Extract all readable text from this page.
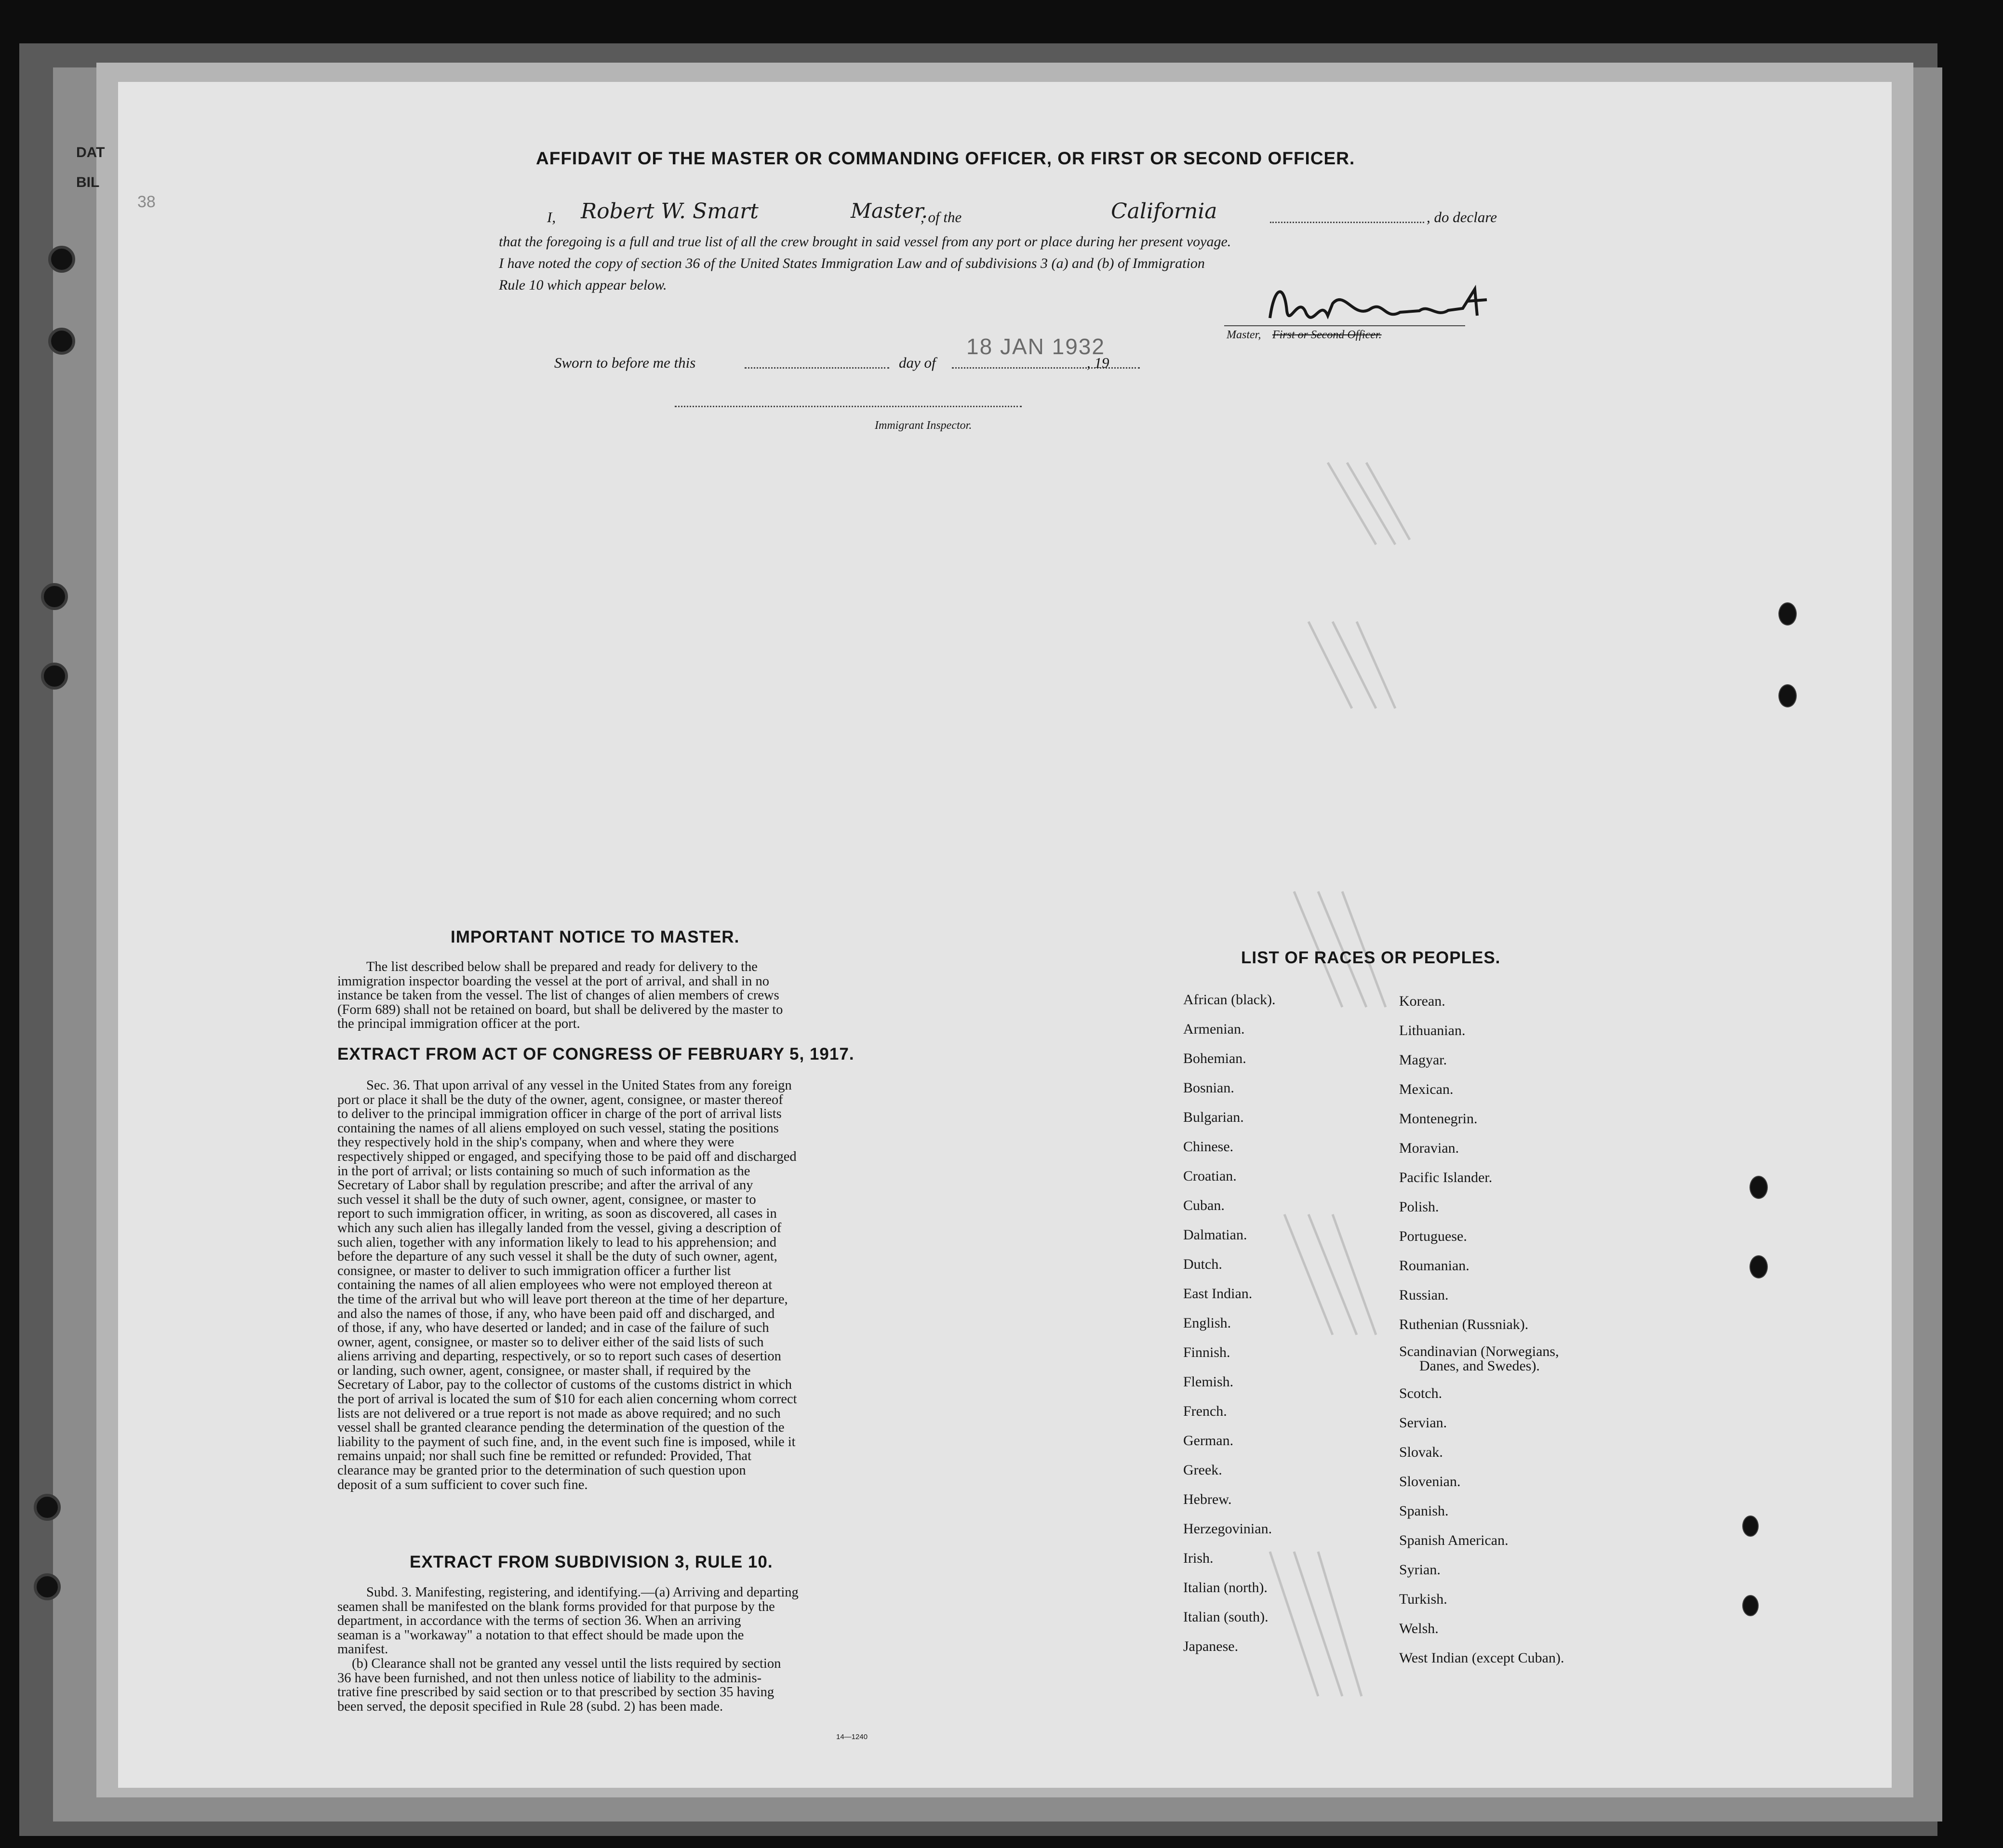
DAT
BIL
38
AFFIDAVIT OF THE MASTER OR COMMANDING OFFICER, OR FIRST OR SECOND OFFICER.
I, Robert W. Smart	Master.
, of the	California	, do declare
that the foregoing is a full and true list of all the crew brought in said vessel from any port or place during her present voyage.
I have noted the copy of section 36 of the United States Immigration Law and of subdivisions 3 (a) and (b) of Immigration
Rule 10 which appear below.
Master, First or Second Officer.
Sworn to before me this	day of
18 JAN 1932
, 19
Immigrant Inspector.
IMPORTANT NOTICE TO MASTER.
The list described below shall be prepared and ready for delivery to the
immigration inspector boarding the vessel at the port of arrival, and shall in no
instance be taken from the vessel. The list of changes of alien members of crews
(Form 689) shall not be retained on board, but shall be delivered by the master to
the principal immigration officer at the port.
EXTRACT FROM ACT OF CONGRESS OF FEBRUARY 5, 1917.
Sec. 36. That upon arrival of any vessel in the United States from any foreign
port or place it shall be the duty of the owner, agent, consignee, or master thereof
to deliver to the principal immigration officer in charge of the port of arrival lists
containing the names of all aliens employed on such vessel, stating the positions
they respectively hold in the ship's company, when and where they were
respectively shipped or engaged, and specifying those to be paid off and discharged
in the port of arrival; or lists containing so much of such information as the
Secretary of Labor shall by regulation prescribe; and after the arrival of any
such vessel it shall be the duty of such owner, agent, consignee, or master to
report to such immigration officer, in writing, as soon as discovered, all cases in
which any such alien has illegally landed from the vessel, giving a description of
such alien, together with any information likely to lead to his apprehension; and
before the departure of any such vessel it shall be the duty of such owner, agent,
consignee, or master to deliver to such immigration officer a further list
containing the names of all alien employees who were not employed thereon at
the time of the arrival but who will leave port thereon at the time of her departure,
and also the names of those, if any, who have been paid off and discharged, and
of those, if any, who have deserted or landed; and in case of the failure of such
owner, agent, consignee, or master so to deliver either of the said lists of such
aliens arriving and departing, respectively, or so to report such cases of desertion
or landing, such owner, agent, consignee, or master shall, if required by the
Secretary of Labor, pay to the collector of customs of the customs district in which
the port of arrival is located the sum of $10 for each alien concerning whom correct
lists are not delivered or a true report is not made as above required; and no such
vessel shall be granted clearance pending the determination of the question of the
liability to the payment of such fine, and, in the event such fine is imposed, while it
remains unpaid; nor shall such fine be remitted or refunded: Provided, That
clearance may be granted prior to the determination of such question upon
deposit of a sum sufficient to cover such fine.
EXTRACT FROM SUBDIVISION 3, RULE 10.
Subd. 3. Manifesting, registering, and identifying.—(a) Arriving and departing
seamen shall be manifested on the blank forms provided for that purpose by the
department, in accordance with the terms of section 36. When an arriving
seaman is a "workaway" a notation to that effect should be made upon the
manifest.
(b) Clearance shall not be granted any vessel until the lists required by section
36 have been furnished, and not then unless notice of liability to the adminis-
trative fine prescribed by said section or to that prescribed by section 35 having
been served, the deposit specified in Rule 28 (subd. 2) has been made.
14—1240
LIST OF RACES OR PEOPLES.
African (black).
Armenian.
Bohemian.
Bosnian.
Bulgarian.
Chinese.
Croatian.
Cuban.
Dalmatian.
Dutch.
East Indian.
English.
Finnish.
Flemish.
French.
German.
Greek.
Hebrew.
Herzegovinian.
Irish.
Italian (north).
Italian (south).
Japanese.
Korean.
Lithuanian.
Magyar.
Mexican.
Montenegrin.
Moravian.
Pacific Islander.
Polish.
Portuguese.
Roumanian.
Russian.
Ruthenian (Russniak).
Scandinavian (Norwegians,
Danes, and Swedes).
Scotch.
Servian.
Slovak.
Slovenian.
Spanish.
Spanish American.
Syrian.
Turkish.
Welsh.
West Indian (except Cuban).
